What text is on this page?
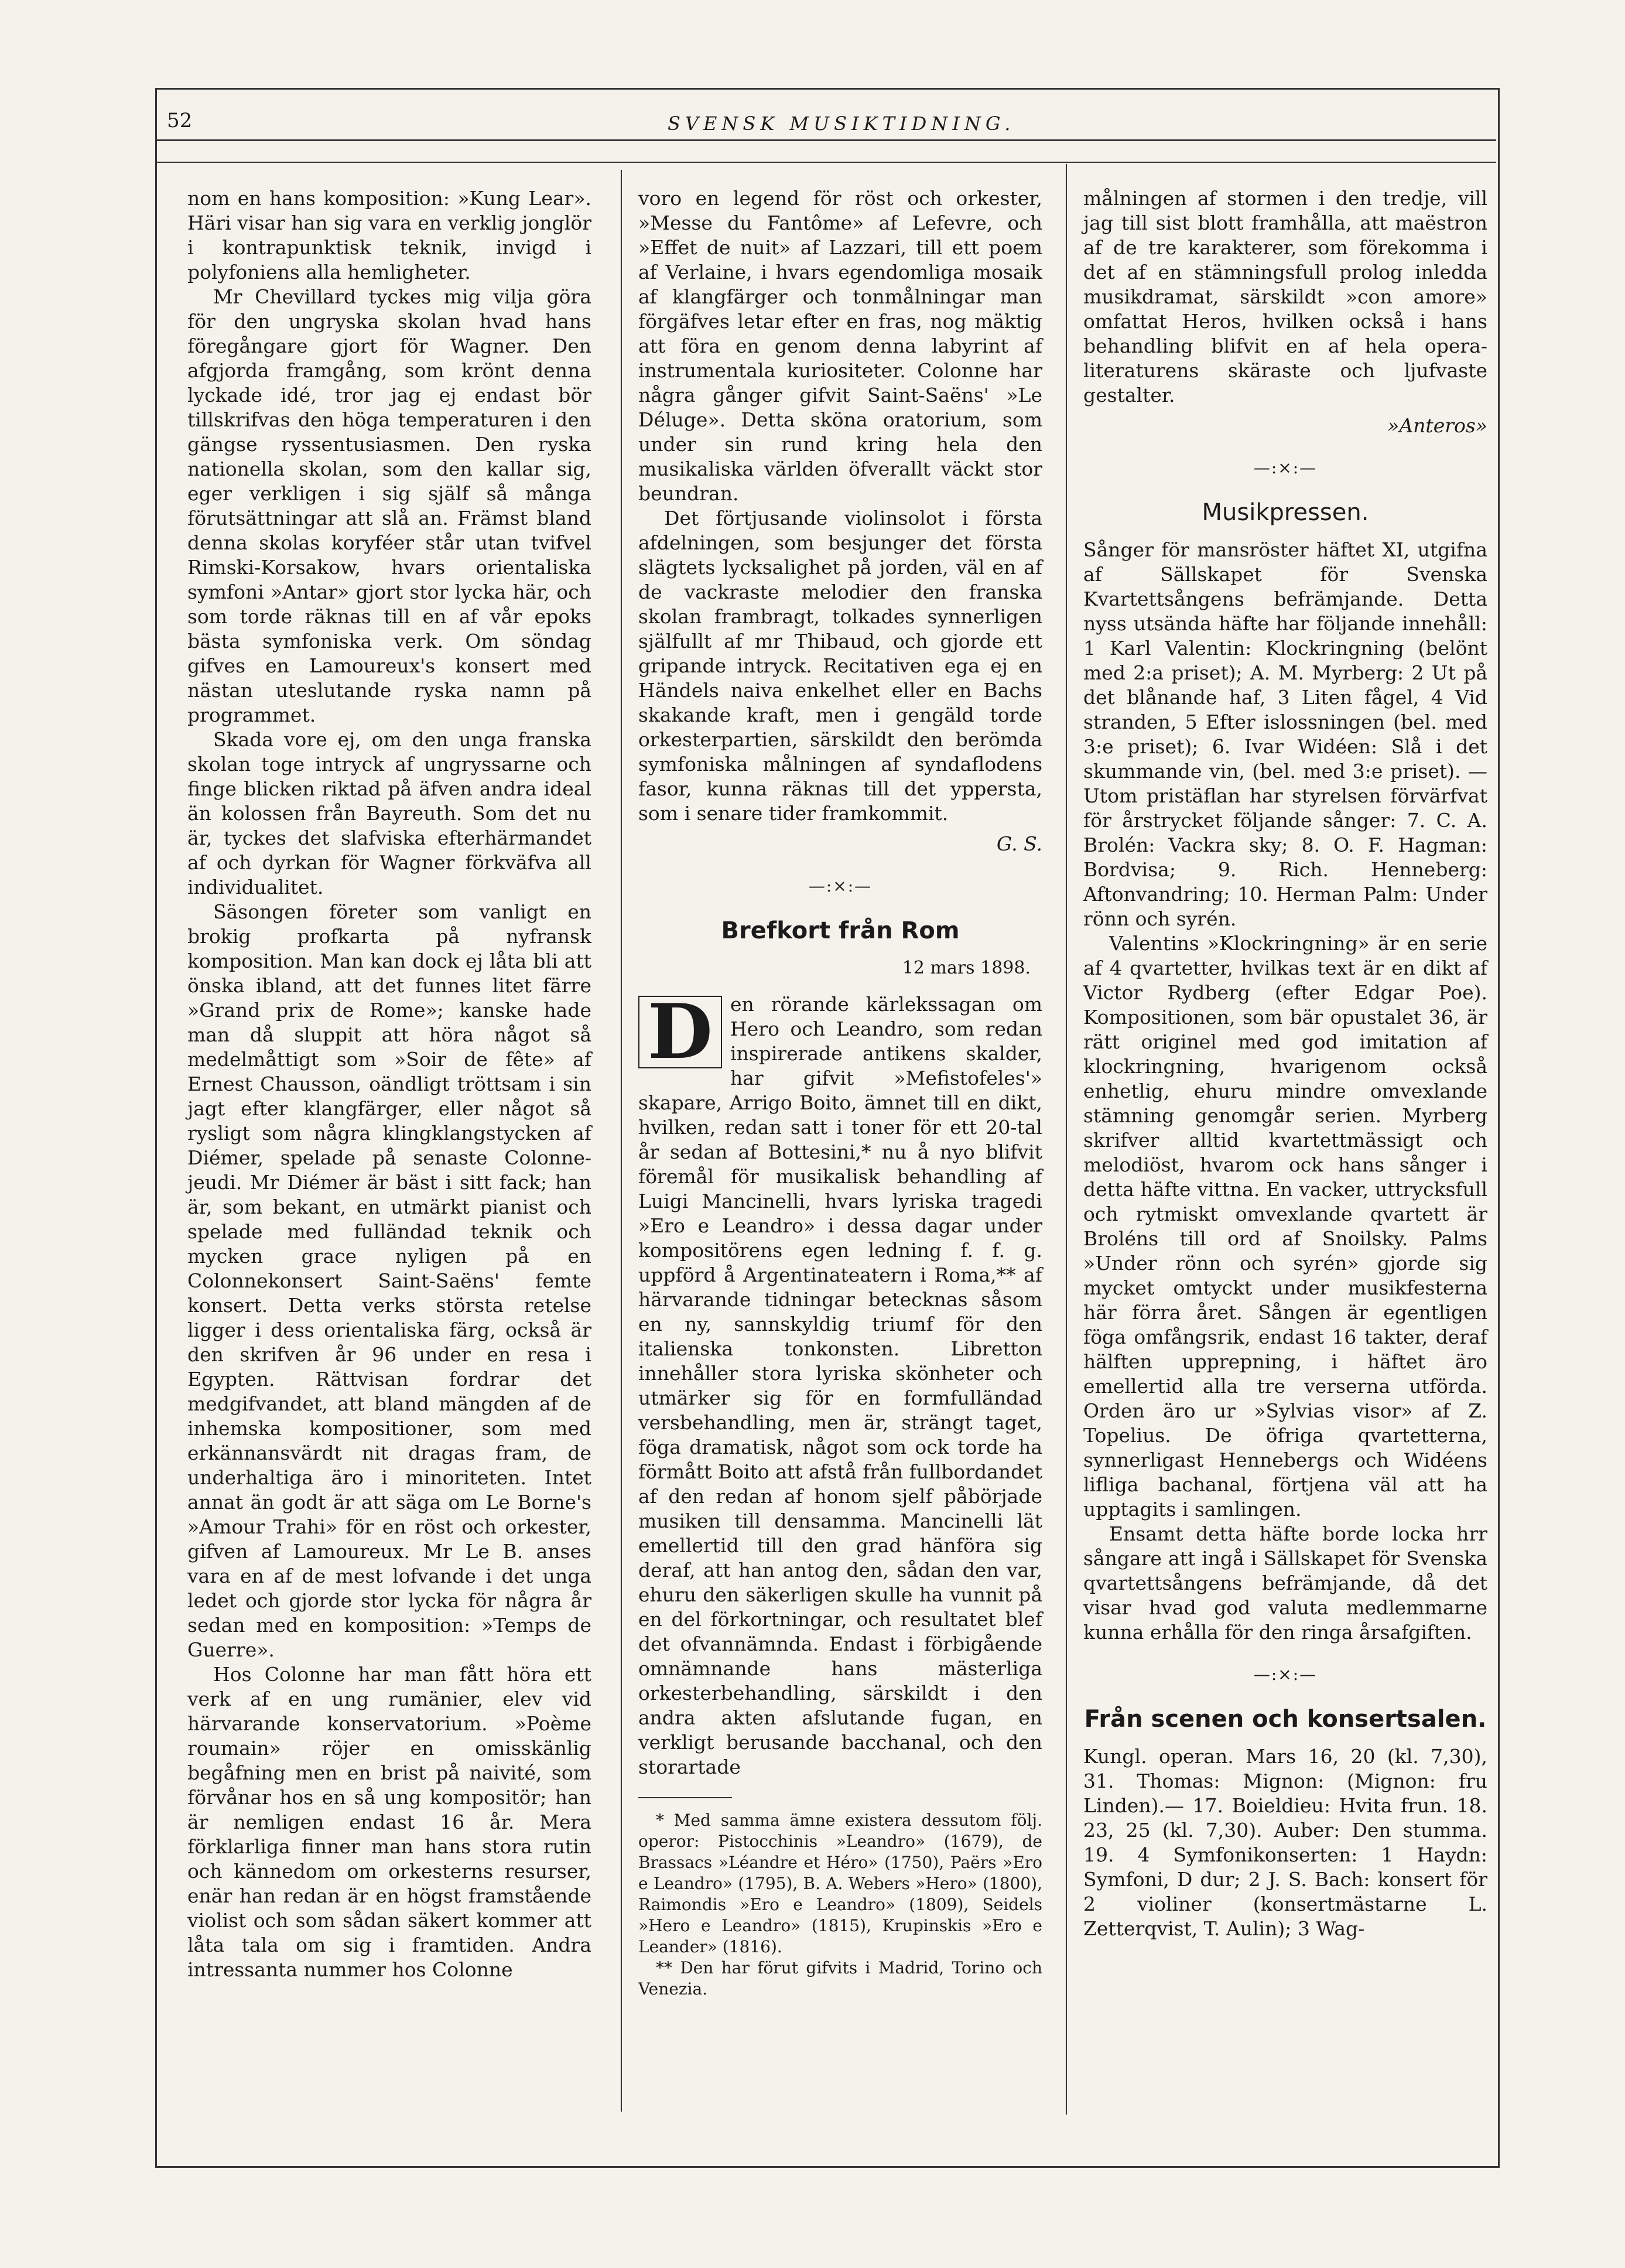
52	SVENSK MUSIKTIDNING.

nom en hans komposition: »Kung Lear». Häri visar han sig vara en verklig jonglör i kontrapunktisk teknik, invigd i polyfoniens alla hemligheter.

Mr Chevillard tyckes mig vilja göra för den ungryska skolan hvad hans föregångare gjort för Wagner. Den afgjorda framgång, som krönt denna lyckade idé, tror jag ej endast bör tillskrifvas den höga temperaturen i den gängse ryssentusiasmen. Den ryska nationella skolan, som den kallar sig, eger verkligen i sig själf så många förutsättningar att slå an. Främst bland denna skolas koryféer står utan tvifvel Rimski-Korsakow, hvars orientaliska symfoni »Antar» gjort stor lycka här, och som torde räknas till en af vår epoks bästa symfoniska verk. Om söndag gifves en Lamoureux's konsert med nästan uteslutande ryska namn på programmet.

Skada vore ej, om den unga franska skolan toge intryck af ungryssarne och finge blicken riktad på äfven andra ideal än kolossen från Bayreuth. Som det nu är, tyckes det slafviska efterhärmandet af och dyrkan för Wagner förkväfva all individualitet.

Säsongen företer som vanligt en brokig profkarta på nyfransk komposition. Man kan dock ej låta bli att önska ibland, att det funnes litet färre »Grand prix de Rome»; kanske hade man då sluppit att höra något så medelmåttigt som »Soir de fête» af Ernest Chausson, oändligt tröttsam i sin jagt efter klangfärger, eller något så rysligt som några klingklangstycken af Diémer, spelade på senaste Colonne-jeudi. Mr Diémer är bäst i sitt fack; han är, som bekant, en utmärkt pianist och spelade med fulländad teknik och mycken grace nyligen på en Colonnekonsert Saint-Saëns' femte konsert. Detta verks största retelse ligger i dess orientaliska färg, också är den skrifven år 96 under en resa i Egypten. Rättvisan fordrar det medgifvandet, att bland mängden af de inhemska kompositioner, som med erkännansvärdt nit dragas fram, de underhaltiga äro i minoriteten. Intet annat än godt är att säga om Le Borne's »Amour Trahi» för en röst och orkester, gifven af Lamoureux. Mr Le B. anses vara en af de mest lofvande i det unga ledet och gjorde stor lycka för några år sedan med en komposition: »Temps de Guerre».

Hos Colonne har man fått höra ett verk af en ung rumänier, elev vid härvarande konservatorium. »Poème roumain» röjer en omisskänlig begåfning men en brist på naivité, som förvånar hos en så ung kompositör; han är nemligen endast 16 år. Mera förklarliga finner man hans stora rutin och kännedom om orkesterns resurser, enär han redan är en högst framstående violist och som sådan säkert kommer att låta tala om sig i framtiden. Andra intressanta nummer hos Colonne

voro en legend för röst och orkester, »Messe du Fantôme» af Lefevre, och »Effet de nuit» af Lazzari, till ett poem af Verlaine, i hvars egendomliga mosaik af klangfärger och tonmålningar man förgäfves letar efter en fras, nog mäktig att föra en genom denna labyrint af instrumentala kuriositeter. Colonne har några gånger gifvit Saint-Saëns' »Le Déluge». Detta sköna oratorium, som under sin rund kring hela den musikaliska världen öfverallt väckt stor beundran.

Det förtjusande violinsolot i första afdelningen, som besjunger det första slägtets lycksalighet på jorden, väl en af de vackraste melodier den franska skolan frambragt, tolkades synnerligen själfullt af mr Thibaud, och gjorde ett gripande intryck. Recitativen ega ej en Händels naiva enkelhet eller en Bachs skakande kraft, men i gengäld torde orkesterpartien, särskildt den berömda symfoniska målningen af syndaflodens fasor, kunna räknas till det yppersta, som i senare tider framkommit.

G. S.
—:×:—
Brefkort från Rom
12 mars 1898.

D en rörande kärlekssagan om Hero och Leandro, som redan inspirerade antikens skalder, har gifvit »Mefistofeles'» skapare, Arrigo Boito, ämnet till en dikt, hvilken, redan satt i toner för ett 20-tal år sedan af Bottesini,* nu å nyo blifvit föremål för musikalisk behandling af Luigi Mancinelli, hvars lyriska tragedi »Ero e Leandro» i dessa dagar under kompositörens egen ledning f. f. g. uppförd å Argentinateatern i Roma,** af härvarande tidningar betecknas såsom en ny, sannskyldig triumf för den italienska tonkonsten. Libretton innehåller stora lyriska skönheter och utmärker sig för en formfulländad versbehandling, men är, strängt taget, föga dramatisk, något som ock torde ha förmått Boito att afstå från fullbordandet af den redan af honom sjelf påbörjade musiken till densamma. Mancinelli lät emellertid till den grad hänföra sig deraf, att han antog den, sådan den var, ehuru den säkerligen skulle ha vunnit på en del förkortningar, och resultatet blef det ofvannämnda. Endast i förbigående omnämnande hans mästerliga orkesterbehandling, särskildt i den andra akten afslutande fugan, en verkligt berusande bacchanal, och den storartade

* Med samma ämne existera dessutom följ. operor: Pistocchinis »Leandro» (1679), de Brassacs »Léandre et Héro» (1750), Paërs »Ero e Leandro» (1795), B. A. Webers »Hero» (1800), Raimondis »Ero e Leandro» (1809), Seidels »Hero e Leandro» (1815), Krupinskis »Ero e Leander» (1816).

** Den har förut gifvits i Madrid, Torino och Venezia.

målningen af stormen i den tredje, vill jag till sist blott framhålla, att maëstron af de tre karakterer, som förekomma i det af en stämningsfull prolog inledda musikdramat, särskildt »con amore» omfattat Heros, hvilken också i hans behandling blifvit en af hela opera-literaturens skäraste och ljufvaste gestalter.

»Anteros»
—:×:—
Musikpressen.

Sånger för mansröster häftet XI, utgifna af Sällskapet för Svenska Kvartettsångens befrämjande. Detta nyss utsända häfte har följande innehåll: 1 Karl Valentin: Klockringning (belönt med 2:a priset); A. M. Myrberg: 2 Ut på det blånande haf, 3 Liten fågel, 4 Vid stranden, 5 Efter islossningen (bel. med 3:e priset); 6. Ivar Widéen: Slå i det skummande vin, (bel. med 3:e priset). — Utom pristäflan har styrelsen förvärfvat för årstrycket följande sånger: 7. C. A. Brolén: Vackra sky; 8. O. F. Hagman: Bordvisa; 9. Rich. Henneberg: Aftonvandring; 10. Herman Palm: Under rönn och syrén.

Valentins »Klockringning» är en serie af 4 qvartetter, hvilkas text är en dikt af Victor Rydberg (efter Edgar Poe). Kompositionen, som bär opustalet 36, är rätt originel med god imitation af klockringning, hvarigenom också enhetlig, ehuru mindre omvexlande stämning genomgår serien. Myrberg skrifver alltid kvartettmässigt och melodiöst, hvarom ock hans sånger i detta häfte vittna. En vacker, uttrycksfull och rytmiskt omvexlande qvartett är Broléns till ord af Snoilsky. Palms »Under rönn och syrén» gjorde sig mycket omtyckt under musikfesterna här förra året. Sången är egentligen föga omfångsrik, endast 16 takter, deraf hälften upprepning, i häftet äro emellertid alla tre verserna utförda. Orden äro ur »Sylvias visor» af Z. Topelius. De öfriga qvartetterna, synnerligast Hennebergs och Widéens lifliga bachanal, förtjena väl att ha upptagits i samlingen.

Ensamt detta häfte borde locka hrr sångare att ingå i Sällskapet för Svenska qvartettsångens befrämjande, då det visar hvad god valuta medlemmarne kunna erhålla för den ringa årsafgiften.

—:×:—
Från scenen och konsertsalen.

Kungl. operan. Mars 16, 20 (kl. 7,30), 31. Thomas: Mignon: (Mignon: fru Linden).— 17. Boieldieu: Hvita frun. 18. 23, 25 (kl. 7,30). Auber: Den stumma. 19. 4 Symfonikonserten: 1 Haydn: Symfoni, D dur; 2 J. S. Bach: konsert för 2 violiner (konsertmästarne L. Zetterqvist, T. Aulin); 3 Wag-
